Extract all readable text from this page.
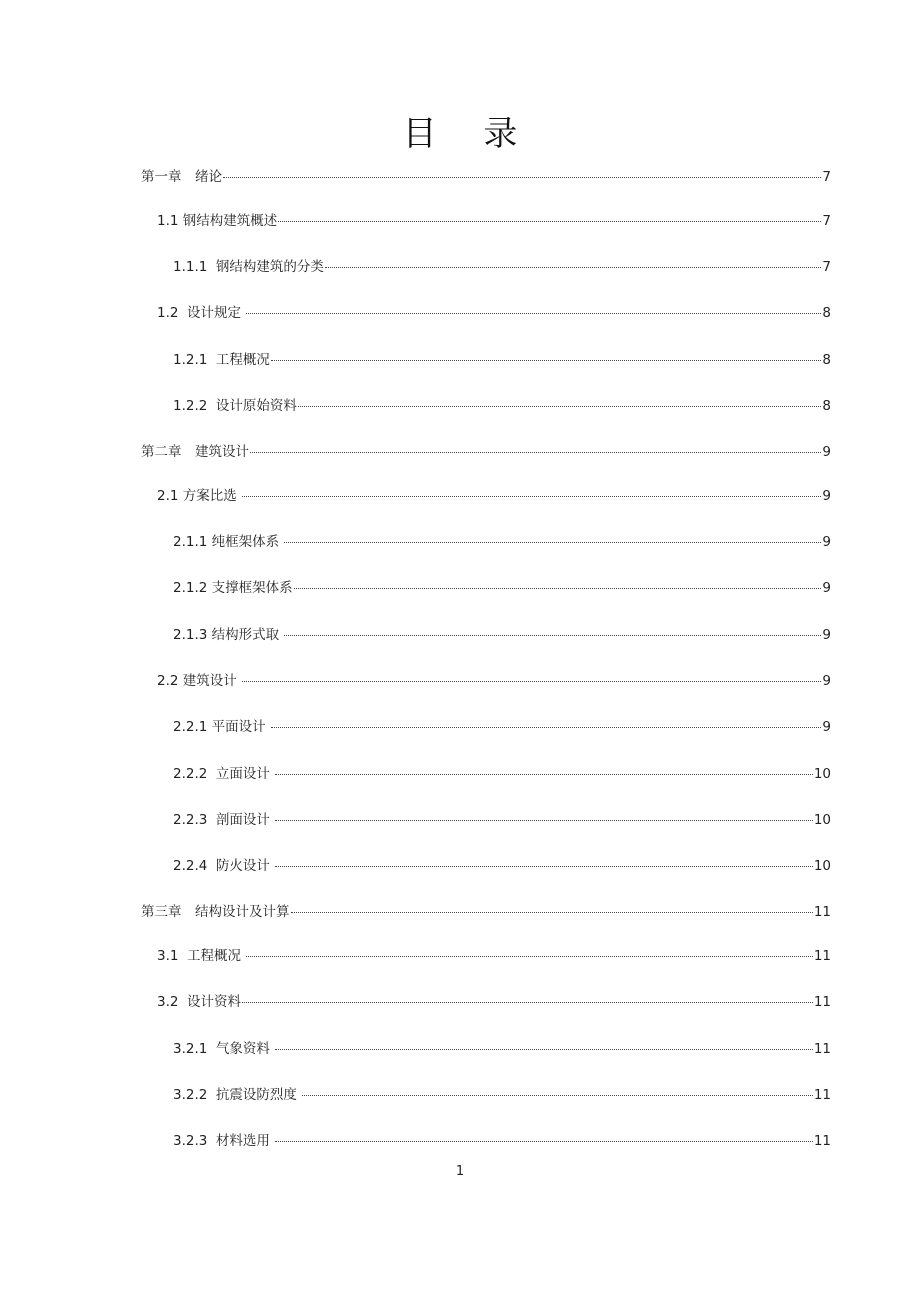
目 录
第一章　绪论	7
1.1 钢结构建筑概述	7
1.1.1  钢结构建筑的分类	7
1.2  设计规定	8
1.2.1  工程概况	8
1.2.2  设计原始资料	8
第二章　建筑设计	9
2.1 方案比选	9
2.1.1 纯框架体系	9
2.1.2 支撑框架体系	9
2.1.3 结构形式取	9
2.2 建筑设计	9
2.2.1 平面设计	9
2.2.2  立面设计	10
2.2.3  剖面设计	10
2.2.4  防火设计	10
第三章　结构设计及计算	11
3.1  工程概况	11
3.2  设计资料	11
3.2.1  气象资料	11
3.2.2  抗震设防烈度	11
3.2.3  材料选用	11
1
